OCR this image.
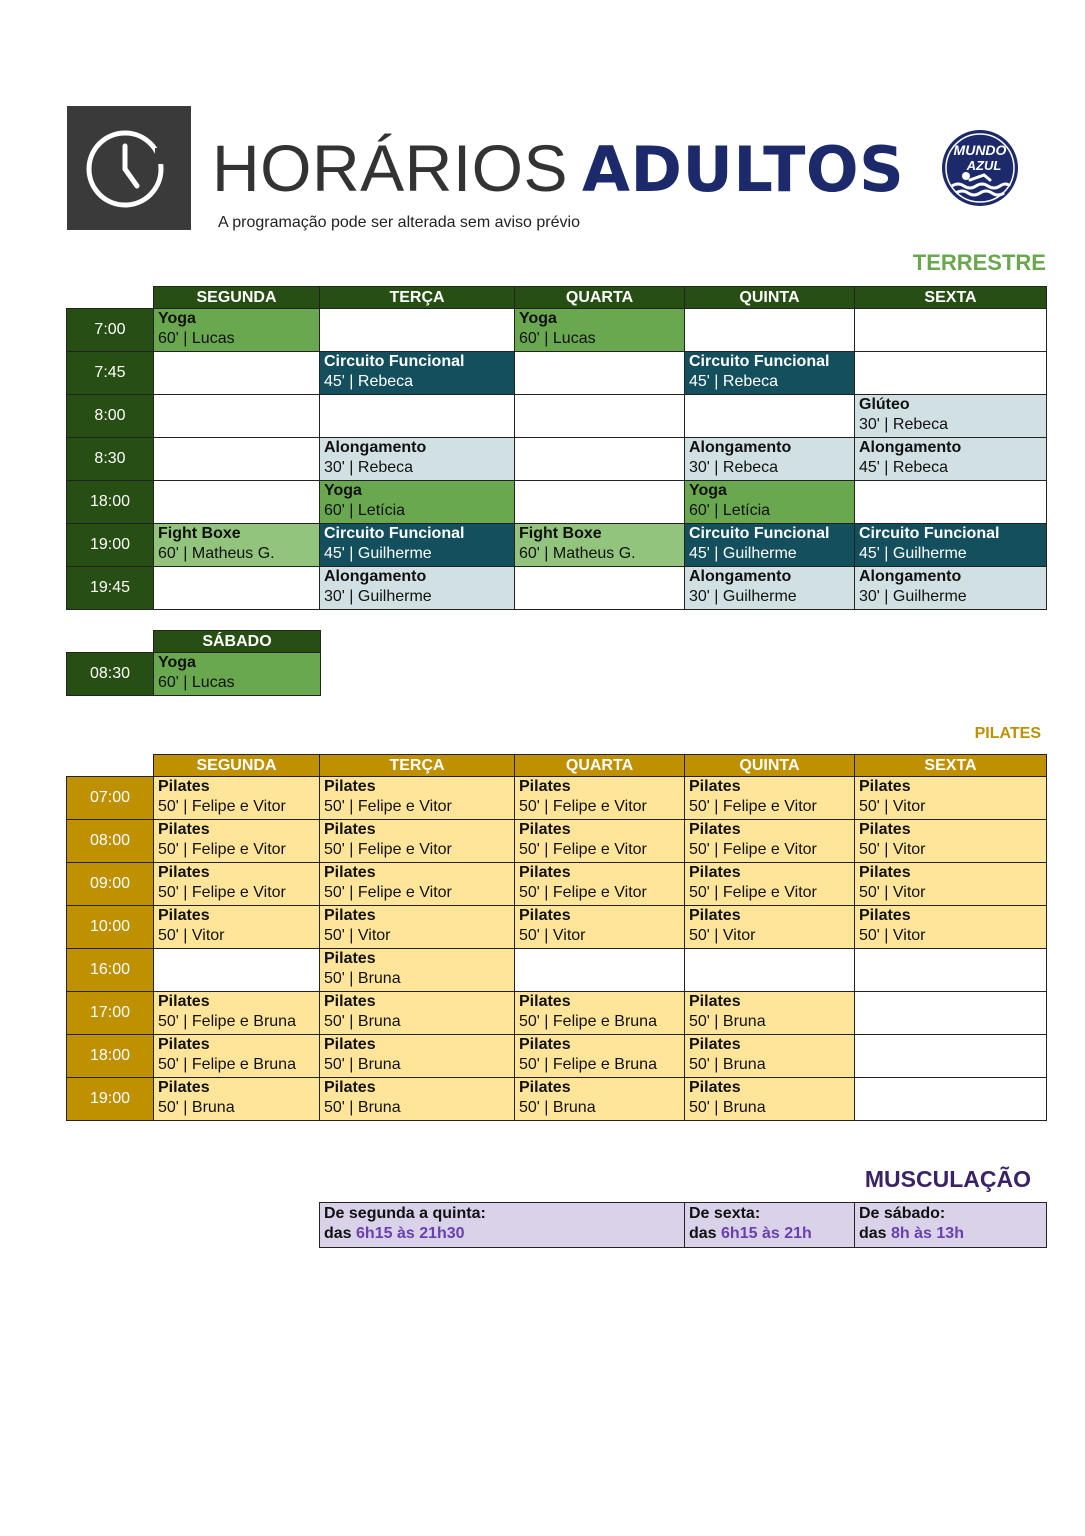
HORÁRIOS ADULTOS
A programação pode ser alterada sem aviso prévio
MUNDO
AZUL
TERRESTRE
	SEGUNDA	TERÇA	QUARTA	QUINTA	SEXTA
7:00	Yoga
60' | Lucas		Yoga
60' | Lucas		

7:45		Circuito Funcional
45' | Rebeca		Circuito Funcional
45' | Rebeca	

8:00					Glúteo
30' | Rebeca

8:30		Alongamento
30' | Rebeca		Alongamento
30' | Rebeca	Alongamento
45' | Rebeca

18:00		Yoga
60' | Letícia		Yoga
60' | Letícia	

19:00	Fight Boxe
60' | Matheus G.	Circuito Funcional
45' | Guilherme	Fight Boxe
60' | Matheus G.	Circuito Funcional
45' | Guilherme	Circuito Funcional
45' | Guilherme

19:45		Alongamento
30' | Guilherme		Alongamento
30' | Guilherme	Alongamento
30' | Guilherme
	SÁBADO
08:30	Yoga
60' | Lucas
PILATES
	SEGUNDA	TERÇA	QUARTA	QUINTA	SEXTA
07:00	Pilates
50' | Felipe e Vitor	Pilates
50' | Felipe e Vitor	Pilates
50' | Felipe e Vitor	Pilates
50' | Felipe e Vitor	Pilates
50' | Vitor

08:00	Pilates
50' | Felipe e Vitor	Pilates
50' | Felipe e Vitor	Pilates
50' | Felipe e Vitor	Pilates
50' | Felipe e Vitor	Pilates
50' | Vitor

09:00	Pilates
50' | Felipe e Vitor	Pilates
50' | Felipe e Vitor	Pilates
50' | Felipe e Vitor	Pilates
50' | Felipe e Vitor	Pilates
50' | Vitor

10:00	Pilates
50' | Vitor	Pilates
50' | Vitor	Pilates
50' | Vitor	Pilates
50' | Vitor	Pilates
50' | Vitor

16:00		Pilates
50' | Bruna			

17:00	Pilates
50' | Felipe e Bruna	Pilates
50' | Bruna	Pilates
50' | Felipe e Bruna	Pilates
50' | Bruna	

18:00	Pilates
50' | Felipe e Bruna	Pilates
50' | Bruna	Pilates
50' | Felipe e Bruna	Pilates
50' | Bruna	

19:00	Pilates
50' | Bruna	Pilates
50' | Bruna	Pilates
50' | Bruna	Pilates
50' | Bruna	

MUSCULAÇÃO
De segunda a quinta:
das 6h15 às 21h30

De sexta:
das 6h15 às 21h

De sábado:
das 8h às 13h
